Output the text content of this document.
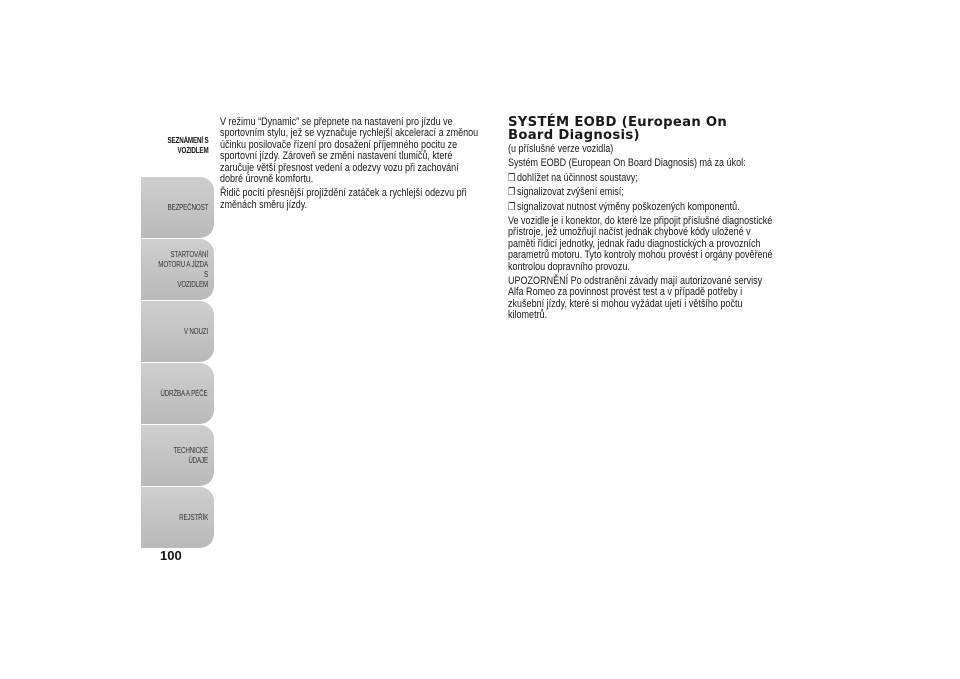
SEZNÁMENÍ S
VOZIDLEM
BEZPEČNOST
STARTOVÁNÍ
MOTORU A JÍZDA S
VOZIDLEM
V NOUZI
ÚDRŽBA A PÉČE
TECHNICKÉ ÚDAJE
REJSTŘÍK
100

V režimu “Dynamic” se přepnete na nastavení pro jízdu ve sportovním stylu, jež se vyznačuje rychlejší akcelerací a změnou účinku posilovače řízení pro dosažení příjemného pocitu ze sportovní jízdy. Zároveň se změní nastavení tlumičů, které zaručuje větší přesnost vedení a odezvy vozu při zachování dobré úrovně komfortu.

Řidič pocítí přesnější projíždění zatáček a rychlejší odezvu při změnách směru jízdy.

SYSTÉM EOBD (European On Board Diagnosis)

(u příslušné verze vozidla)

Systém EOBD (European On Board Diagnosis) má za úkol:

❒ dohlížet na účinnost soustavy;
❒ signalizovat zvýšení emisí;
❒ signalizovat nutnost výměny poškozených komponentů.

Ve vozidle je i konektor, do které lze připojit příslušné diagnostické přístroje, jež umožňují načíst jednak chybové kódy uložené v paměti řídicí jednotky, jednak řadu diagnostických a provozních parametrů motoru. Tyto kontroly mohou provést i orgány pověřené kontrolou dopravního provozu.

UPOZORNĚNÍ Po odstranění závady mají autorizované servisy Alfa Romeo za povinnost provést test a v případě potřeby i zkušební jízdy, které si mohou vyžádat ujetí i většího počtu kilometrů.
